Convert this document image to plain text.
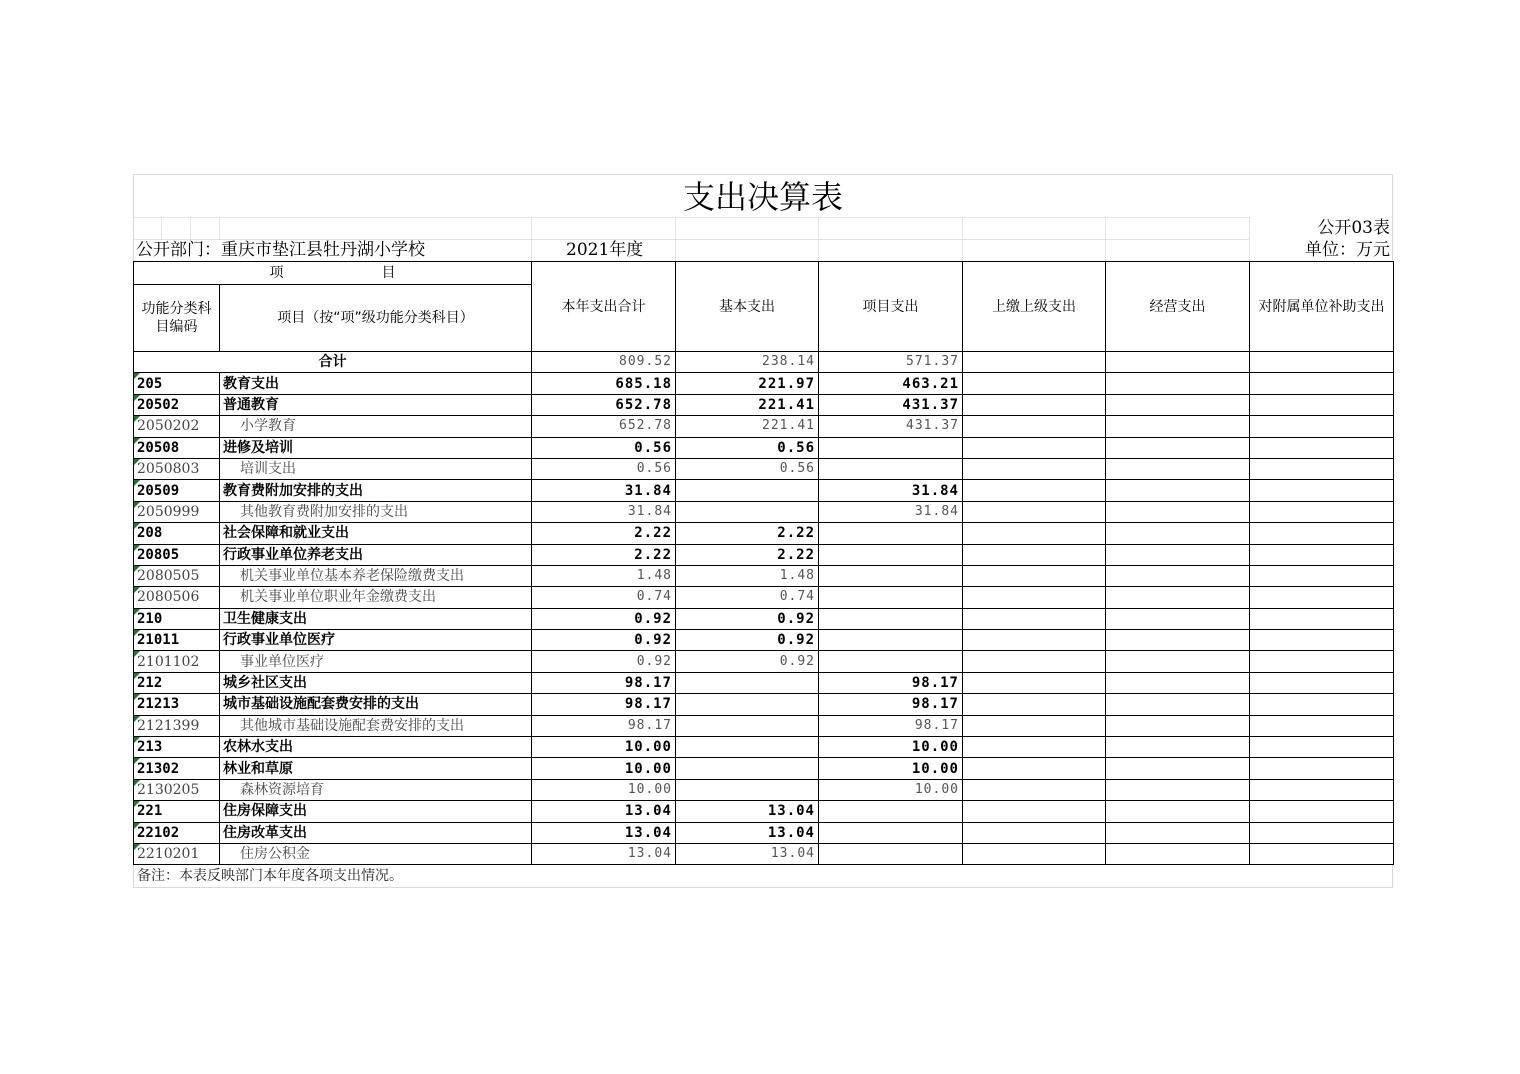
支出决算表
公开03表
公开部门：重庆市垫江县牡丹湖小学校	2021年度	单位：万元
项　　　　　　　目		本年支出合计	基本支出	项目支出	上缴上级支出	经营支出	对附属单位补助支出
功能分类科目编码	项目（按“项”级功能分类科目）						
合计		809.52	238.14	571.37			
205	教育支出	685.18	221.97	463.21			
20502	普通教育	652.78	221.41	431.37			
2050202	小学教育	652.78	221.41	431.37			
20508	进修及培训	0.56	0.56				
2050803	培训支出	0.56	0.56				
20509	教育费附加安排的支出	31.84		31.84			
2050999	其他教育费附加安排的支出	31.84		31.84			
208	社会保障和就业支出	2.22	2.22				
20805	行政事业单位养老支出	2.22	2.22				
2080505	机关事业单位基本养老保险缴费支出	1.48	1.48				
2080506	机关事业单位职业年金缴费支出	0.74	0.74				
210	卫生健康支出	0.92	0.92				
21011	行政事业单位医疗	0.92	0.92				
2101102	事业单位医疗	0.92	0.92				
212	城乡社区支出	98.17		98.17			
21213	城市基础设施配套费安排的支出	98.17		98.17			
2121399	其他城市基础设施配套费安排的支出	98.17		98.17			
213	农林水支出	10.00		10.00			
21302	林业和草原	10.00		10.00			
2130205	森林资源培育	10.00		10.00			
221	住房保障支出	13.04	13.04				
22102	住房改革支出	13.04	13.04				
2210201	住房公积金	13.04	13.04				
备注：本表反映部门本年度各项支出情况。
